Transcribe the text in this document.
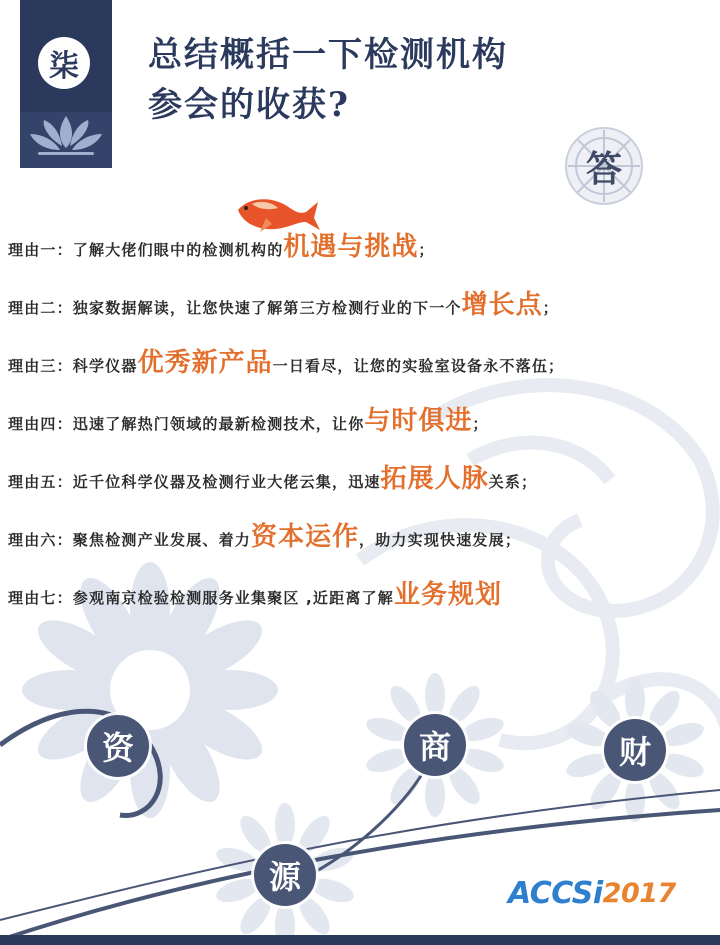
柒	总结概括一下检测机构
参会的收获?
答
理由一：了解大佬们眼中的检测机构的 机遇与挑战 ；
理由二：独家数据解读，让您快速了解第三方检测行业的下一个 增长点 ；
理由三：科学仪器 优秀新产品 一日看尽，让您的实验室设备永不落伍；
理由四：迅速了解热门领域的最新检测技术，让你 与时俱进 ；
理由五：近千位科学仪器及检测行业大佬云集，迅速 拓展人脉 关系；
理由六：聚焦检测产业发展、着力 资本运作 ，助力实现快速发展；
理由七：参观南京检验检测服务业集聚区 ,近距离了解 业务规划
资	商	财
源	ACCSi 2017
